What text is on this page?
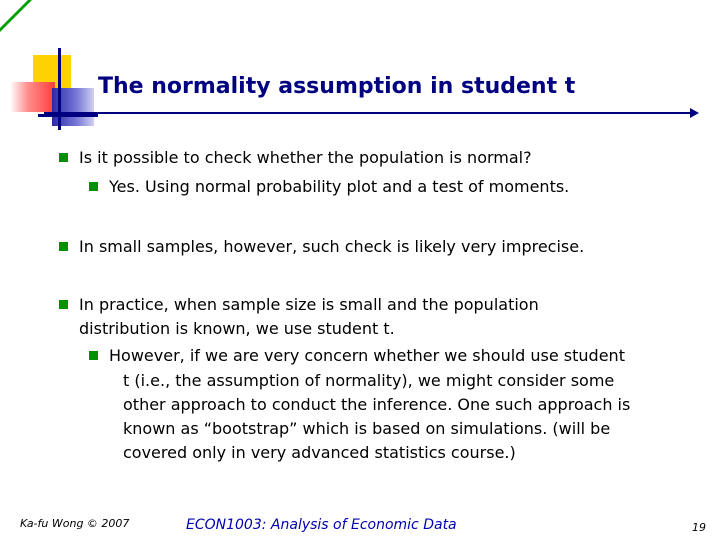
The normality assumption in student t
Is it possible to check whether the population is normal?
Yes. Using normal probability plot and a test of moments.
In small samples, however, such check is likely very imprecise.
In practice, when sample size is small and the population
distribution is known, we use student t.
However, if we are very concern whether we should use student
t (i.e., the assumption of normality), we might consider some
other approach to conduct the inference. One such approach is
known as “bootstrap” which is based on simulations. (will be
covered only in very advanced statistics course.)
Ka-fu Wong © 2007	ECON1003: Analysis of Economic Data	19
